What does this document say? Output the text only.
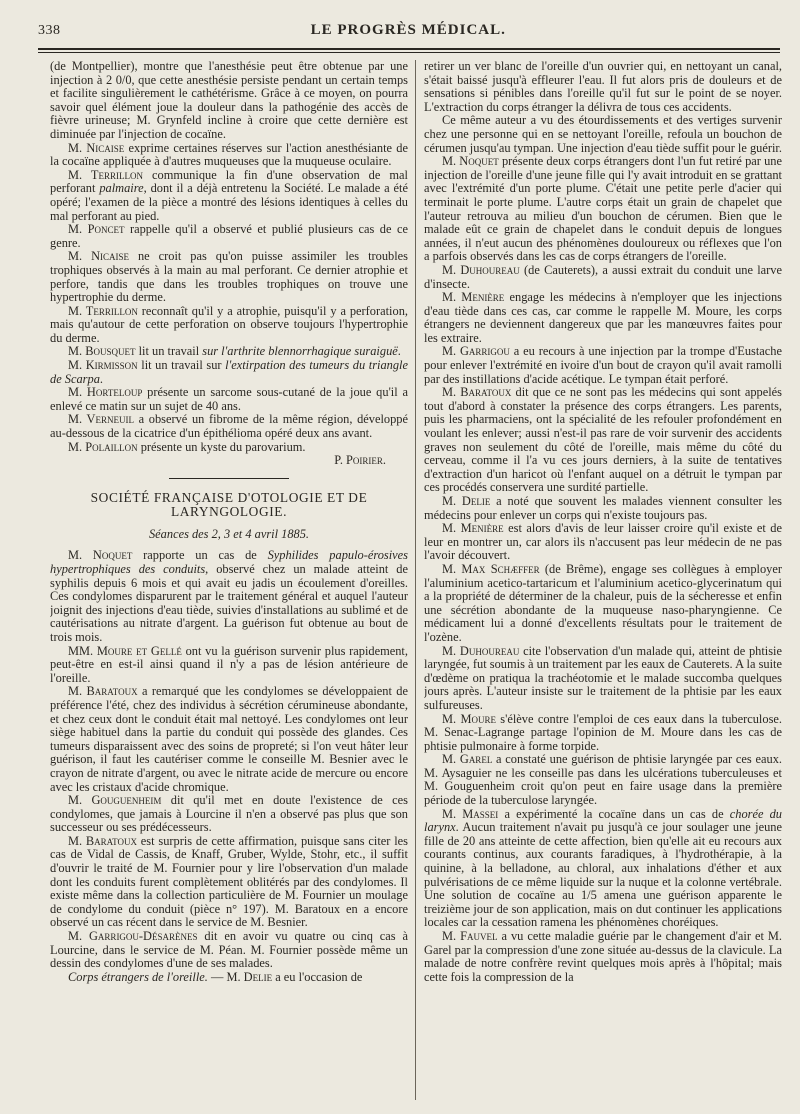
338	LE PROGRÈS MÉDICAL.

(de Montpellier), montre que l'anesthésie peut être obtenue par une injection à 2 0/0, que cette anesthésie persiste pendant un certain temps et facilite singulièrement le cathétérisme. Grâce à ce moyen, on pourra savoir quel élément joue la douleur dans la pathogénie des accès de fièvre urineuse; M. Grynfeld incline à croire que cette dernière est diminuée par l'injection de cocaïne.

M. Nicaise exprime certaines réserves sur l'action anesthésiante de la cocaïne appliquée à d'autres muqueuses que la muqueuse oculaire.

M. Terrillon communique la fin d'une observation de mal perforant palmaire, dont il a déjà entretenu la Société. Le malade a été opéré; l'examen de la pièce a montré des lésions identiques à celles du mal perforant au pied.

M. Poncet rappelle qu'il a observé et publié plusieurs cas de ce genre.

M. Nicaise ne croit pas qu'on puisse assimiler les troubles trophiques observés à la main au mal perforant. Ce dernier atrophie et perfore, tandis que dans les troubles trophiques on trouve une hypertrophie du derme.

M. Terrillon reconnaît qu'il y a atrophie, puisqu'il y a perforation, mais qu'autour de cette perforation on observe toujours l'hypertrophie du derme.

M. Bousquet lit un travail sur l'arthrite blennorrhagique suraiguë.

M. Kirmisson lit un travail sur l'extirpation des tumeurs du triangle de Scarpa.

M. Horteloup présente un sarcome sous-cutané de la joue qu'il a enlevé ce matin sur un sujet de 40 ans.

M. Verneuil a observé un fibrome de la même région, développé au-dessous de la cicatrice d'un épithélioma opéré deux ans avant.

M. Polaillon présente un kyste du parovarium.

P. Poirier.

SOCIÉTÉ FRANÇAISE D'OTOLOGIE ET DE LARYNGOLOGIE.

Séances des 2, 3 et 4 avril 1885.

M. Noquet rapporte un cas de Syphilides papulo-érosives hypertrophiques des conduits, observé chez un malade atteint de syphilis depuis 6 mois et qui avait eu jadis un écoulement d'oreilles. Ces condylomes disparurent par le traitement général et auquel l'auteur joignit des injections d'eau tiède, suivies d'installations au sublimé et de cautérisations au nitrate d'argent. La guérison fut obtenue au bout de trois mois.

MM. Moure et Gellé ont vu la guérison survenir plus rapidement, peut-être en est-il ainsi quand il n'y a pas de lésion antérieure de l'oreille.

M. Baratoux a remarqué que les condylomes se développaient de préférence l'été, chez des individus à sécrétion cérumineuse abondante, et chez ceux dont le conduit était mal nettoyé. Les condylomes ont leur siège habituel dans la partie du conduit qui possède des glandes. Ces tumeurs disparaissent avec des soins de propreté; si l'on veut hâter leur guérison, il faut les cautériser comme le conseille M. Besnier avec le crayon de nitrate d'argent, ou avec le nitrate acide de mercure ou encore avec les cristaux d'acide chromique.

M. Gouguenheim dit qu'il met en doute l'existence de ces condylomes, que jamais à Lourcine il n'en a observé pas plus que son successeur ou ses prédécesseurs.

M. Baratoux est surpris de cette affirmation, puisque sans citer les cas de Vidal de Cassis, de Knaff, Gruber, Wylde, Stohr, etc., il suffit d'ouvrir le traité de M. Fournier pour y lire l'observation d'un malade dont les conduits furent complètement oblitérés par des condylomes. Il existe même dans la collection particulière de M. Fournier un moulage de condylome du conduit (pièce n° 197). M. Baratoux en a encore observé un cas récent dans le service de M. Besnier.

M. Garrigou-Désarènes dit en avoir vu quatre ou cinq cas à Lourcine, dans le service de M. Péan. M. Fournier possède même un dessin des condylomes d'une de ses malades.

Corps étrangers de l'oreille. — M. Delie a eu l'occasion de

retirer un ver blanc de l'oreille d'un ouvrier qui, en nettoyant un canal, s'était baissé jusqu'à effleurer l'eau. Il fut alors pris de douleurs et de sensations si pénibles dans l'oreille qu'il fut sur le point de se noyer. L'extraction du corps étranger la délivra de tous ces accidents.

Ce même auteur a vu des étourdissements et des vertiges survenir chez une personne qui en se nettoyant l'oreille, refoula un bouchon de cérumen jusqu'au tympan. Une injection d'eau tiède suffit pour le guérir.

M. Noquet présente deux corps étrangers dont l'un fut retiré par une injection de l'oreille d'une jeune fille qui l'y avait introduit en se grattant avec l'extrémité d'un porte plume. C'était une petite perle d'acier qui terminait le porte plume. L'autre corps était un grain de chapelet que l'auteur retrouva au milieu d'un bouchon de cérumen. Bien que le malade eût ce grain de chapelet dans le conduit depuis de longues années, il n'eut aucun des phénomènes douloureux ou réflexes que l'on a parfois observés dans les cas de corps étrangers de l'oreille.

M. Duhoureau (de Cauterets), a aussi extrait du conduit une larve d'insecte.

M. Menière engage les médecins à n'employer que les injections d'eau tiède dans ces cas, car comme le rappelle M. Moure, les corps étrangers ne deviennent dangereux que par les manœuvres faites pour les extraire.

M. Garrigou a eu recours à une injection par la trompe d'Eustache pour enlever l'extrémité en ivoire d'un bout de crayon qu'il avait ramolli par des instillations d'acide acétique. Le tympan était perforé.

M. Baratoux dit que ce ne sont pas les médecins qui sont appelés tout d'abord à constater la présence des corps étrangers. Les parents, puis les pharmaciens, ont la spécialité de les refouler profondément en voulant les enlever; aussi n'est-il pas rare de voir survenir des accidents graves non seulement du côté de l'oreille, mais même du côté du cerveau, comme il l'a vu ces jours derniers, à la suite de tentatives d'extraction d'un haricot où l'enfant auquel on a détruit le tympan par ces procédés conservera une surdité partielle.

M. Delie a noté que souvent les malades viennent consulter les médecins pour enlever un corps qui n'existe toujours pas.

M. Menière est alors d'avis de leur laisser croire qu'il existe et de leur en montrer un, car alors ils n'accusent pas leur médecin de ne pas l'avoir découvert.

M. Max Schæffer (de Brême), engage ses collègues à employer l'aluminium acetico-tartaricum et l'aluminium acetico-glycerinatum qui a la propriété de déterminer de la chaleur, puis de la sécheresse et enfin une sécrétion abondante de la muqueuse naso-pharyngienne. Ce médicament lui a donné d'excellents résultats pour le traitement de l'ozène.

M. Duhoureau cite l'observation d'un malade qui, atteint de phtisie laryngée, fut soumis à un traitement par les eaux de Cauterets. A la suite d'œdème on pratiqua la trachéotomie et le malade succomba quelques jours après. L'auteur insiste sur le traitement de la phtisie par les eaux sulfureuses.

M. Moure s'élève contre l'emploi de ces eaux dans la tuberculose. M. Senac-Lagrange partage l'opinion de M. Moure dans les cas de phtisie pulmonaire à forme torpide.

M. Garel a constaté une guérison de phtisie laryngée par ces eaux. M. Aysaguier ne les conseille pas dans les ulcérations tuberculeuses et M. Gouguenheim croit qu'on peut en faire usage dans la première période de la tuberculose laryngée.

M. Massei a expérimenté la cocaïne dans un cas de chorée du larynx. Aucun traitement n'avait pu jusqu'à ce jour soulager une jeune fille de 20 ans atteinte de cette affection, bien qu'elle ait eu recours aux courants continus, aux courants faradiques, à l'hydrothérapie, à la quinine, à la belladone, au chloral, aux inhalations d'éther et aux pulvérisations de ce même liquide sur la nuque et la colonne vertébrale. Une solution de cocaïne au 1/5 amena une guérison apparente le treizième jour de son application, mais on dut continuer les applications locales car la cessation ramena les phénomènes choréiques.

M. Fauvel a vu cette maladie guérie par le changement d'air et M. Garel par la compression d'une zone située au-dessus de la clavicule. La malade de notre confrère revint quelques mois après à l'hôpital; mais cette fois la compression de la
